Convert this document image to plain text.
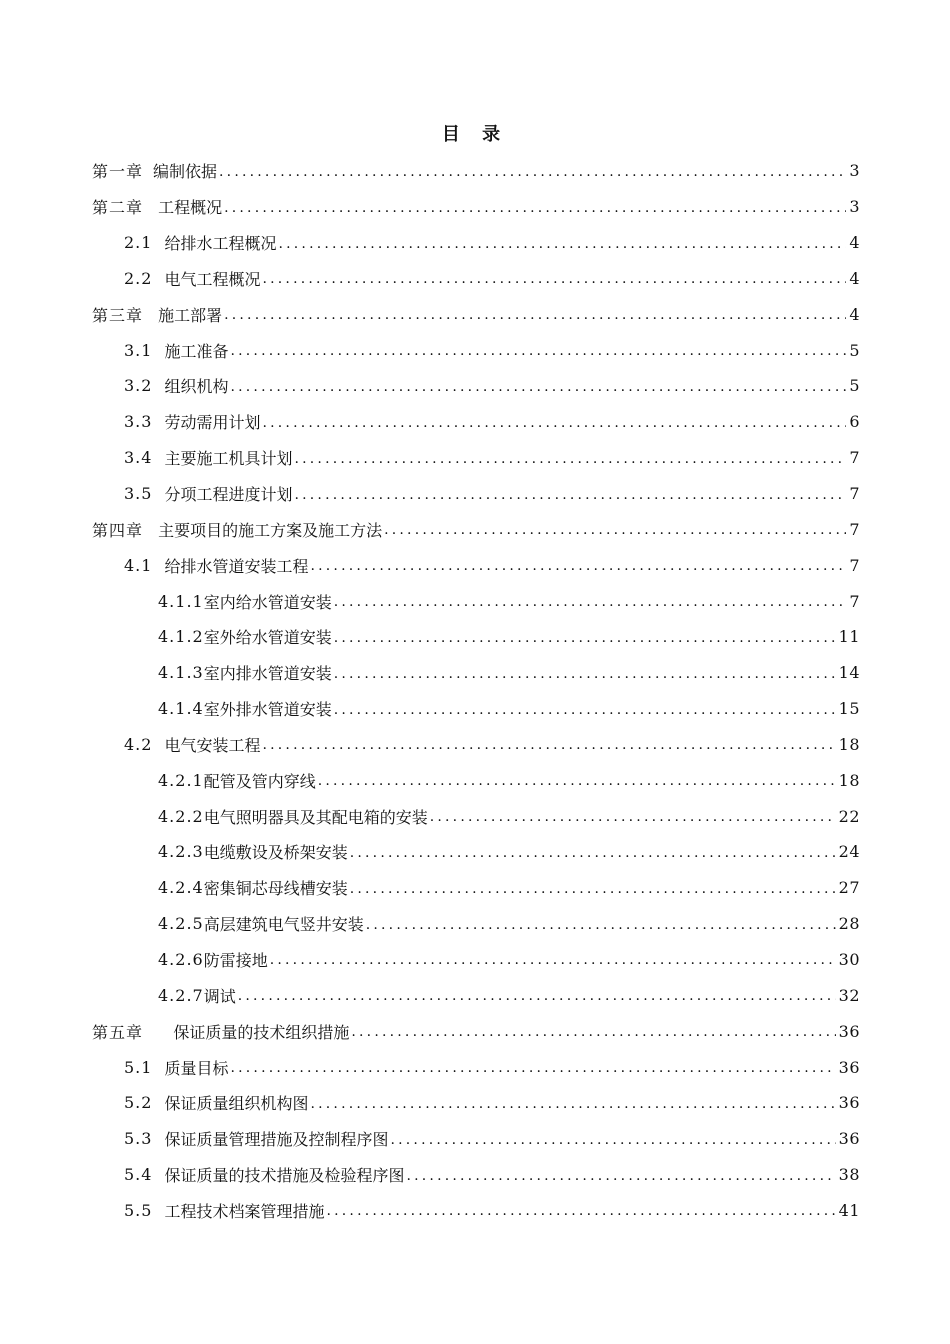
目 录
第一章 编制依据 .....	3
第二章 工程概况 .....	3
2.1 给排水工程概况 .....	4
2.2 电气工程概况 .....	4
第三章 施工部署 .....	4
3.1 施工准备 .....	5
3.2 组织机构 .....	5
3.3 劳动需用计划 .....	6
3.4 主要施工机具计划 .....	7
3.5 分项工程进度计划 .....	7
第四章 主要项目的施工方案及施工方法 .....	7
4.1 给排水管道安装工程 .....	7
4.1.1 室内给水管道安装 .....	7
4.1.2 室外给水管道安装 .....	11
4.1.3 室内排水管道安装 .....	14
4.1.4 室外排水管道安装 .....	15
4.2 电气安装工程 .....	18
4.2.1 配管及管内穿线 .....	18
4.2.2 电气照明器具及其配电箱的安装 .....	22
4.2.3 电缆敷设及桥架安装 .....	24
4.2.4 密集铜芯母线槽安装 .....	27
4.2.5 高层建筑电气竖井安装 .....	28
4.2.6 防雷接地 .....	30
4.2.7 调试 .....	32
第五章 保证质量的技术组织措施 .....	36
5.1 质量目标 .....	36
5.2 保证质量组织机构图 .....	36
5.3 保证质量管理措施及控制程序图 .....	36
5.4 保证质量的技术措施及检验程序图 .....	38
5.5 工程技术档案管理措施 .....	41
